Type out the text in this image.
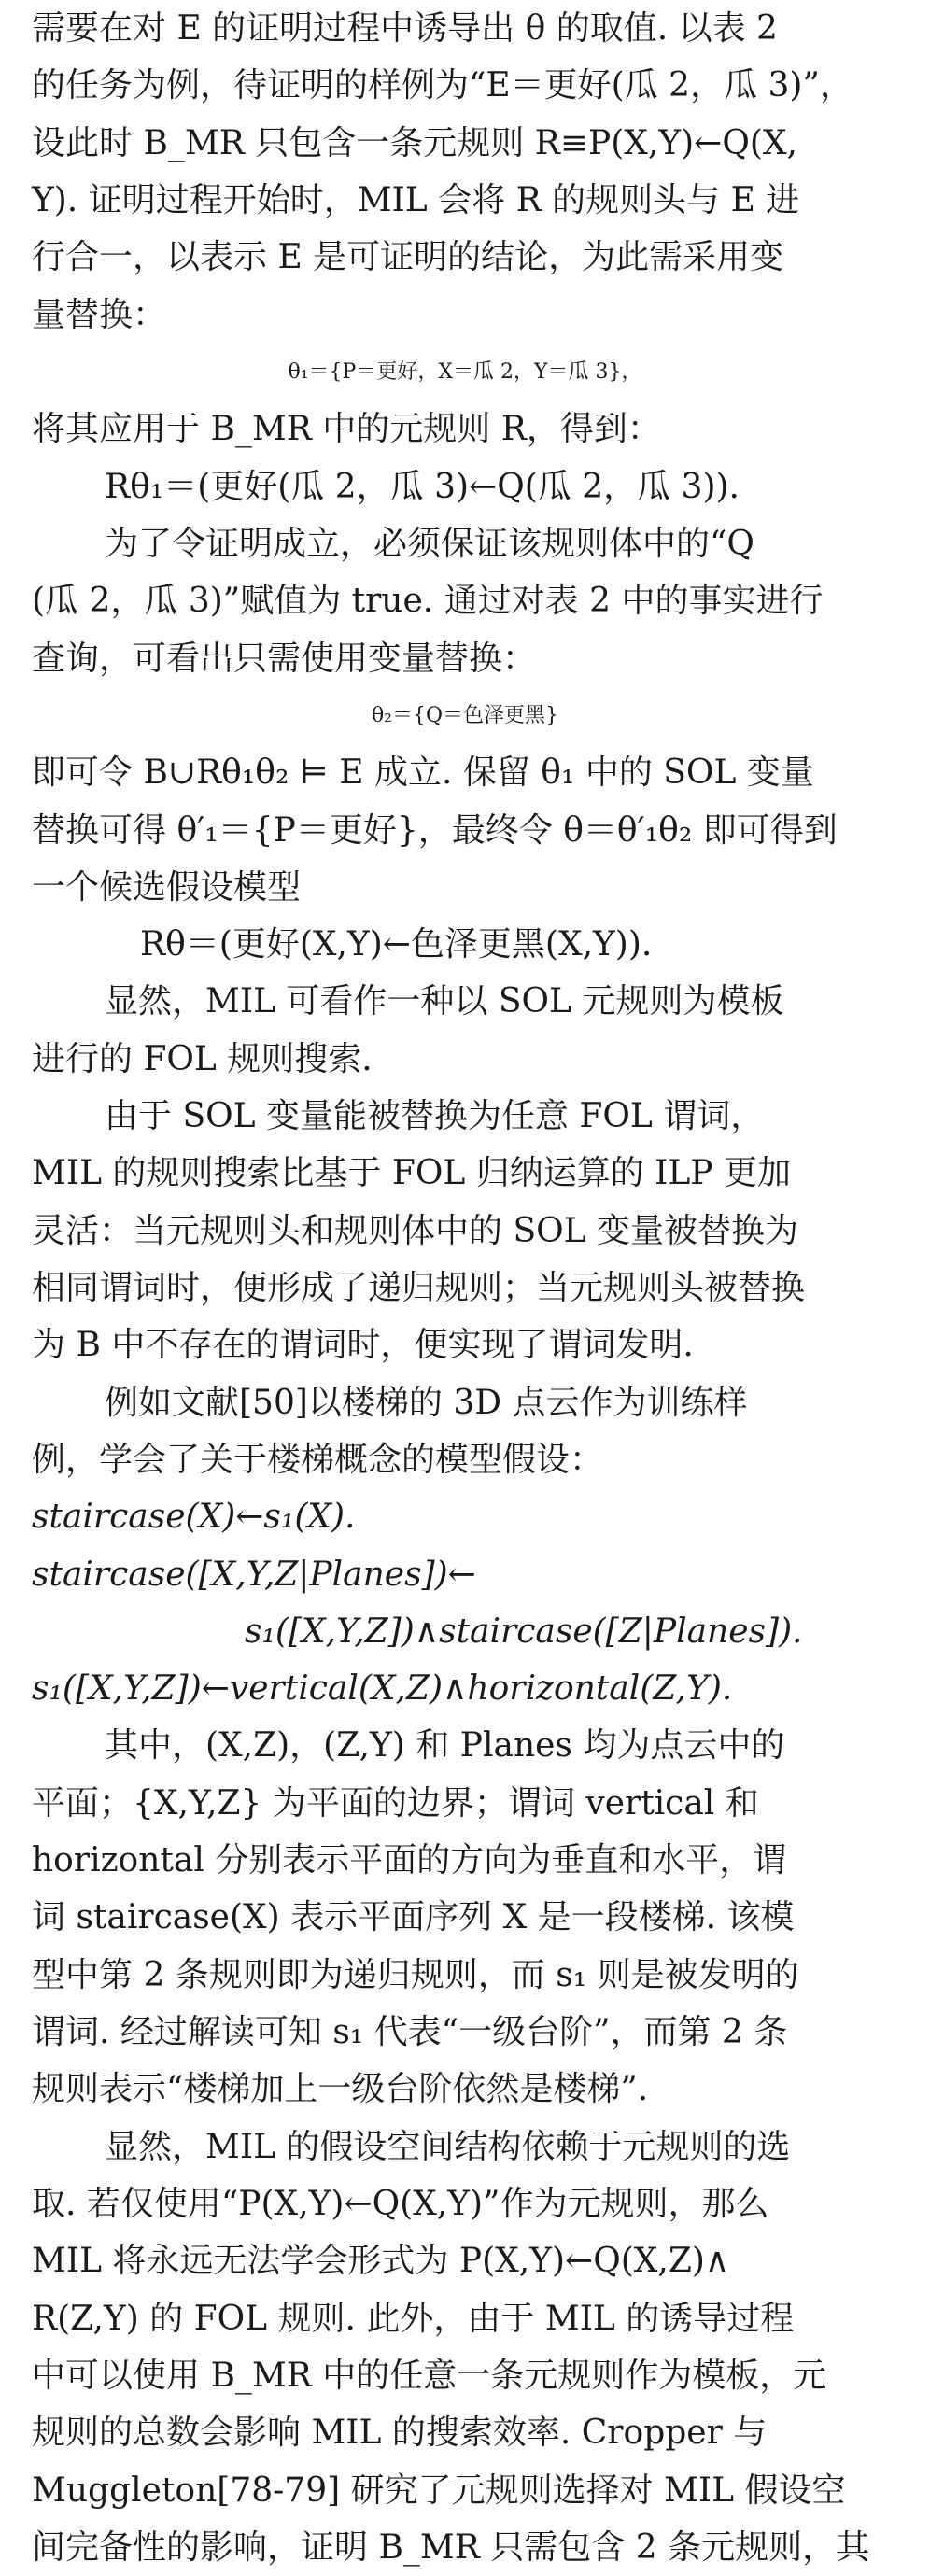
需要在对 E 的证明过程中诱导出 θ 的取值. 以表 2
的任务为例，待证明的样例为“E＝更好(瓜 2，瓜 3)”，
设此时 B_MR 只包含一条元规则 R≡P(X,Y)←Q(X,
Y). 证明过程开始时，MIL 会将 R 的规则头与 E 进
行合一，以表示 E 是可证明的结论，为此需采用变
量替换：
θ₁＝{P＝更好，X＝瓜 2，Y＝瓜 3}，
将其应用于 B_MR 中的元规则 R，得到：
Rθ₁＝(更好(瓜 2，瓜 3)←Q(瓜 2，瓜 3)).
为了令证明成立，必须保证该规则体中的“Q
(瓜 2，瓜 3)”赋值为 true. 通过对表 2 中的事实进行
查询，可看出只需使用变量替换：
θ₂＝{Q＝色泽更黑}
即可令 B∪Rθ₁θ₂ ⊨ E 成立. 保留 θ₁ 中的 SOL 变量
替换可得 θ′₁＝{P＝更好}，最终令 θ＝θ′₁θ₂ 即可得到
一个候选假设模型
Rθ＝(更好(X,Y)←色泽更黑(X,Y)).
显然，MIL 可看作一种以 SOL 元规则为模板
进行的 FOL 规则搜索.
由于 SOL 变量能被替换为任意 FOL 谓词，
MIL 的规则搜索比基于 FOL 归纳运算的 ILP 更加
灵活：当元规则头和规则体中的 SOL 变量被替换为
相同谓词时，便形成了递归规则；当元规则头被替换
为 B 中不存在的谓词时，便实现了谓词发明.
例如文献[50]以楼梯的 3D 点云作为训练样
例，学会了关于楼梯概念的模型假设：
staircase(X)←s₁(X).
staircase([X,Y,Z|Planes])←
s₁([X,Y,Z])∧staircase([Z|Planes]).
s₁([X,Y,Z])←vertical(X,Z)∧horizontal(Z,Y).
其中，(X,Z)，(Z,Y) 和 Planes 均为点云中的
平面；{X,Y,Z} 为平面的边界；谓词 vertical 和
horizontal 分别表示平面的方向为垂直和水平，谓
词 staircase(X) 表示平面序列 X 是一段楼梯. 该模
型中第 2 条规则即为递归规则，而 s₁ 则是被发明的
谓词. 经过解读可知 s₁ 代表“一级台阶”，而第 2 条
规则表示“楼梯加上一级台阶依然是楼梯”.
显然，MIL 的假设空间结构依赖于元规则的选
取. 若仅使用“P(X,Y)←Q(X,Y)”作为元规则，那么
MIL 将永远无法学会形式为 P(X,Y)←Q(X,Z)∧
R(Z,Y) 的 FOL 规则. 此外，由于 MIL 的诱导过程
中可以使用 B_MR 中的任意一条元规则作为模板，元
规则的总数会影响 MIL 的搜索效率. Cropper 与
Muggleton[78-79] 研究了元规则选择对 MIL 假设空
间完备性的影响，证明 B_MR 只需包含 2 条元规则，其
